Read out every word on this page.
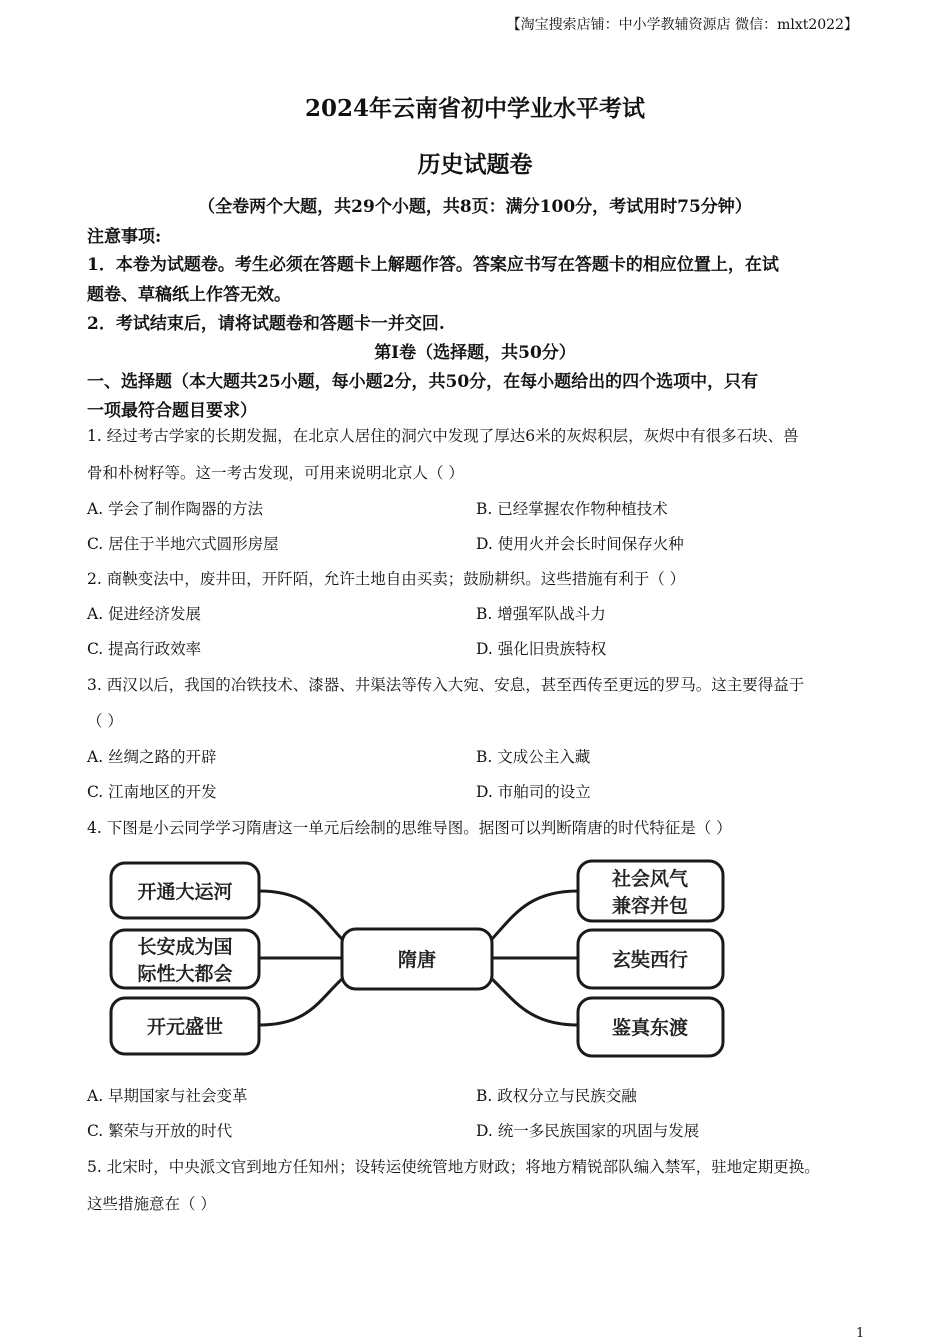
【淘宝搜索店铺：中小学教辅资源店 微信：mlxt2022】
2024年云南省初中学业水平考试
历史试题卷
（全卷两个大题，共29个小题，共8页：满分100分，考试用时75分钟）
注意事项:
1．本卷为试题卷。考生必须在答题卡上解题作答。答案应书写在答题卡的相应位置上，在试
题卷、草稿纸上作答无效。
2．考试结束后，请将试题卷和答题卡一并交回.
第Ⅰ卷（选择题，共50分）
一、选择题（本大题共25小题，每小题2分，共50分，在每小题给出的四个选项中，只有
一项最符合题目要求）
1. 经过考古学家的长期发掘，在北京人居住的洞穴中发现了厚达6米的灰烬积层，灰烬中有很多石块、兽
骨和朴树籽等。这一考古发现，可用来说明北京人（ ）
A. 学会了制作陶器的方法	B. 已经掌握农作物种植技术
C. 居住于半地穴式圆形房屋	D. 使用火并会长时间保存火种
2. 商鞅变法中，废井田，开阡陌，允许土地自由买卖；鼓励耕织。这些措施有利于（ ）
A. 促进经济发展	B. 增强军队战斗力
C. 提高行政效率	D. 强化旧贵族特权
3. 西汉以后，我国的冶铁技术、漆器、井渠法等传入大宛、安息，甚至西传至更远的罗马。这主要得益于
（ ）
A. 丝绸之路的开辟	B. 文成公主入藏
C. 江南地区的开发	D. 市舶司的设立
4. 下图是小云同学学习隋唐这一单元后绘制的思维导图。据图可以判断隋唐的时代特征是（ ）
隋唐
开通大运河
长安成为国
际性大都会
开元盛世
社会风气
兼容并包
玄奘西行
鉴真东渡
A. 早期国家与社会变革	B. 政权分立与民族交融
C. 繁荣与开放的时代	D. 统一多民族国家的巩固与发展
5. 北宋时，中央派文官到地方任知州；设转运使统管地方财政；将地方精锐部队编入禁军，驻地定期更换。
这些措施意在（ ）
1
